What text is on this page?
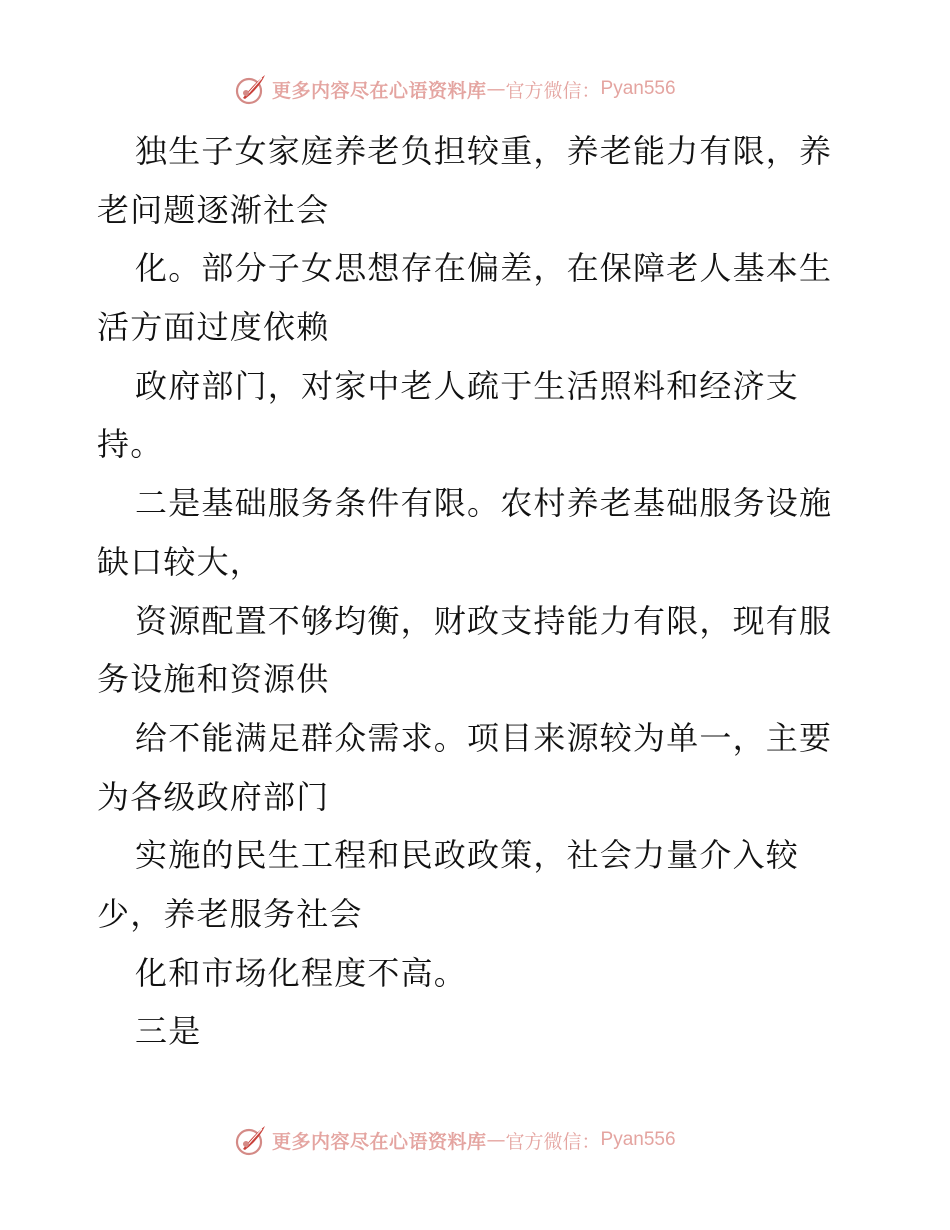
更多内容尽在心语资料库 — 官方微信： Pyan556
独生子女家庭养老负担较重，养老能力有限，养
老问题逐渐社会
化。部分子女思想存在偏差，在保障老人基本生
活方面过度依赖
政府部门，对家中老人疏于生活照料和经济支
持。
二是基础服务条件有限。农村养老基础服务设施
缺口较大，
资源配置不够均衡，财政支持能力有限，现有服
务设施和资源供
给不能满足群众需求。项目来源较为单一，主要
为各级政府部门
实施的民生工程和民政政策，社会力量介入较
少，养老服务社会
化和市场化程度不高。
三是
更多内容尽在心语资料库 — 官方微信： Pyan556
